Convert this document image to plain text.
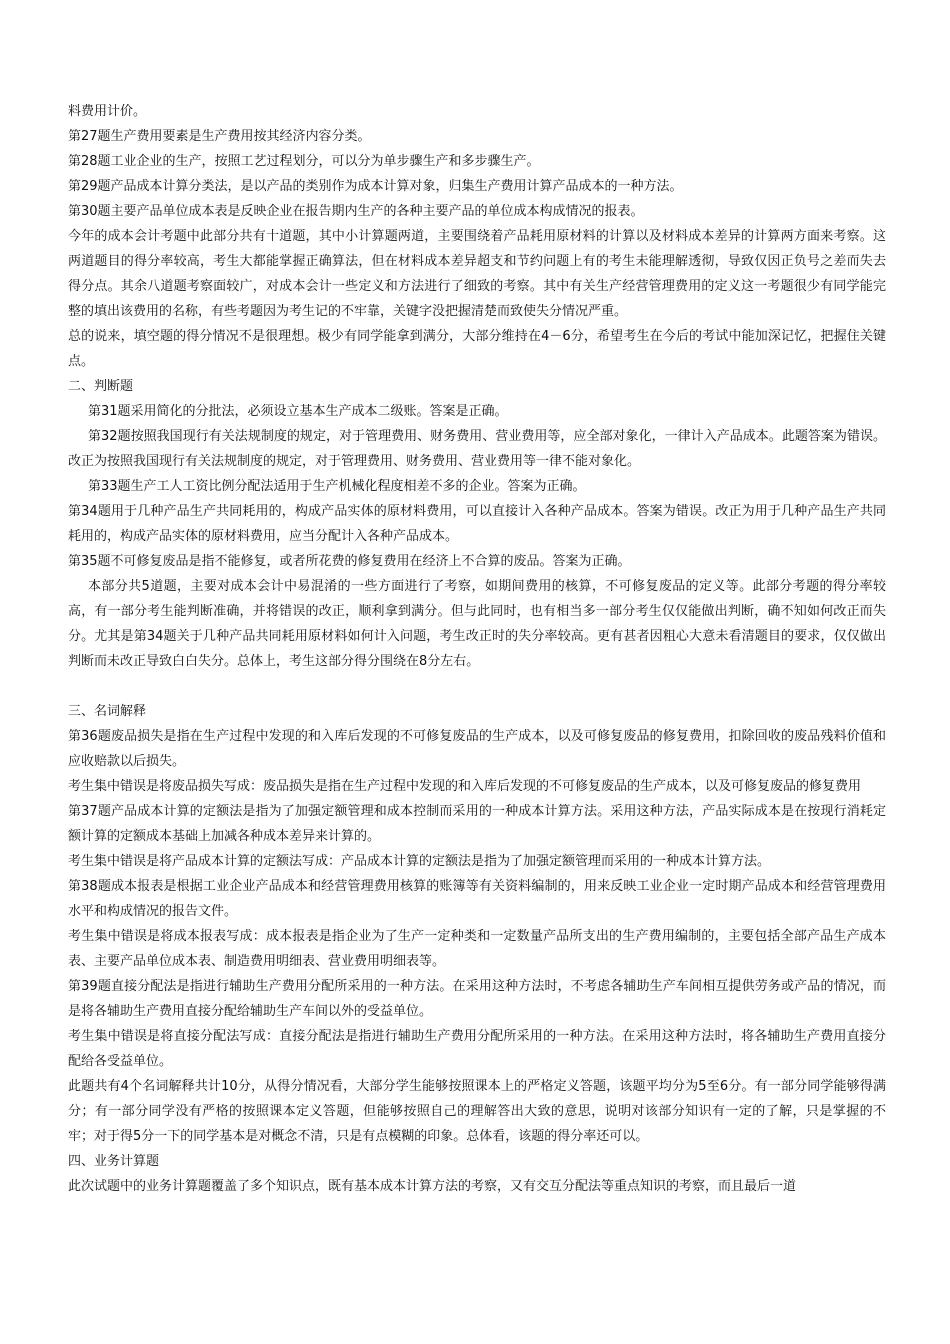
料费用计价。

第27题生产费用要素是生产费用按其经济内容分类。

第28题工业企业的生产，按照工艺过程划分，可以分为单步骤生产和多步骤生产。

第29题产品成本计算分类法，是以产品的类别作为成本计算对象，归集生产费用计算产品成本的一种方法。

第30题主要产品单位成本表是反映企业在报告期内生产的各种主要产品的单位成本构成情况的报表。

今年的成本会计考题中此部分共有十道题，其中小计算题两道，主要围绕着产品耗用原材料的计算以及材料成本差异的计算两方面来考察。这两道题目的得分率较高，考生大都能掌握正确算法，但在材料成本差异超支和节约问题上有的考生未能理解透彻，导致仅因正负号之差而失去得分点。其余八道题考察面较广，对成本会计一些定义和方法进行了细致的考察。其中有关生产经营管理费用的定义这一考题很少有同学能完整的填出该费用的名称，有些考题因为考生记的不牢靠，关键字没把握清楚而致使失分情况严重。

总的说来，填空题的得分情况不是很理想。极少有同学能拿到满分，大部分维持在4－6分，希望考生在今后的考试中能加深记忆，把握住关键点。

二、判断题

第31题采用简化的分批法，必须设立基本生产成本二级账。答案是正确。

第32题按照我国现行有关法规制度的规定，对于管理费用、财务费用、营业费用等，应全部对象化，一律计入产品成本。此题答案为错误。改正为按照我国现行有关法规制度的规定，对于管理费用、财务费用、营业费用等一律不能对象化。

第33题生产工人工资比例分配法适用于生产机械化程度相差不多的企业。答案为正确。

第34题用于几种产品生产共同耗用的，构成产品实体的原材料费用，可以直接计入各种产品成本。答案为错误。改正为用于几种产品生产共同耗用的，构成产品实体的原材料费用，应当分配计入各种产品成本。

第35题不可修复废品是指不能修复，或者所花费的修复费用在经济上不合算的废品。答案为正确。

本部分共5道题，主要对成本会计中易混淆的一些方面进行了考察，如期间费用的核算，不可修复废品的定义等。此部分考题的得分率较高，有一部分考生能判断准确，并将错误的改正，顺利拿到满分。但与此同时，也有相当多一部分考生仅仅能做出判断，确不知如何改正而失分。尤其是第34题关于几种产品共同耗用原材料如何计入问题，考生改正时的失分率较高。更有甚者因粗心大意未看清题目的要求，仅仅做出判断而未改正导致白白失分。总体上，考生这部分得分围绕在8分左右。

三、名词解释

第36题废品损失是指在生产过程中发现的和入库后发现的不可修复废品的生产成本，以及可修复废品的修复费用，扣除回收的废品残料价值和应收赔款以后损失。

考生集中错误是将废品损失写成：废品损失是指在生产过程中发现的和入库后发现的不可修复废品的生产成本，以及可修复废品的修复费用

第37题产品成本计算的定额法是指为了加强定额管理和成本控制而采用的一种成本计算方法。采用这种方法，产品实际成本是在按现行消耗定额计算的定额成本基础上加减各种成本差异来计算的。

考生集中错误是将产品成本计算的定额法写成：产品成本计算的定额法是指为了加强定额管理而采用的一种成本计算方法。

第38题成本报表是根据工业企业产品成本和经营管理费用核算的账簿等有关资料编制的，用来反映工业企业一定时期产品成本和经营管理费用水平和构成情况的报告文件。

考生集中错误是将成本报表写成：成本报表是指企业为了生产一定种类和一定数量产品所支出的生产费用编制的，主要包括全部产品生产成本表、主要产品单位成本表、制造费用明细表、营业费用明细表等。

第39题直接分配法是指进行辅助生产费用分配所采用的一种方法。在采用这种方法时，不考虑各辅助生产车间相互提供劳务或产品的情况，而是将各辅助生产费用直接分配给辅助生产车间以外的受益单位。

考生集中错误是将直接分配法写成：直接分配法是指进行辅助生产费用分配所采用的一种方法。在采用这种方法时，将各辅助生产费用直接分配给各受益单位。

此题共有4个名词解释共计10分，从得分情况看，大部分学生能够按照课本上的严格定义答题，该题平均分为5至6分。有一部分同学能够得满分；有一部分同学没有严格的按照课本定义答题，但能够按照自己的理解答出大致的意思，说明对该部分知识有一定的了解，只是掌握的不牢；对于得5分一下的同学基本是对概念不清，只是有点模糊的印象。总体看，该题的得分率还可以。

四、业务计算题

此次试题中的业务计算题覆盖了多个知识点，既有基本成本计算方法的考察，又有交互分配法等重点知识的考察，而且最后一道
